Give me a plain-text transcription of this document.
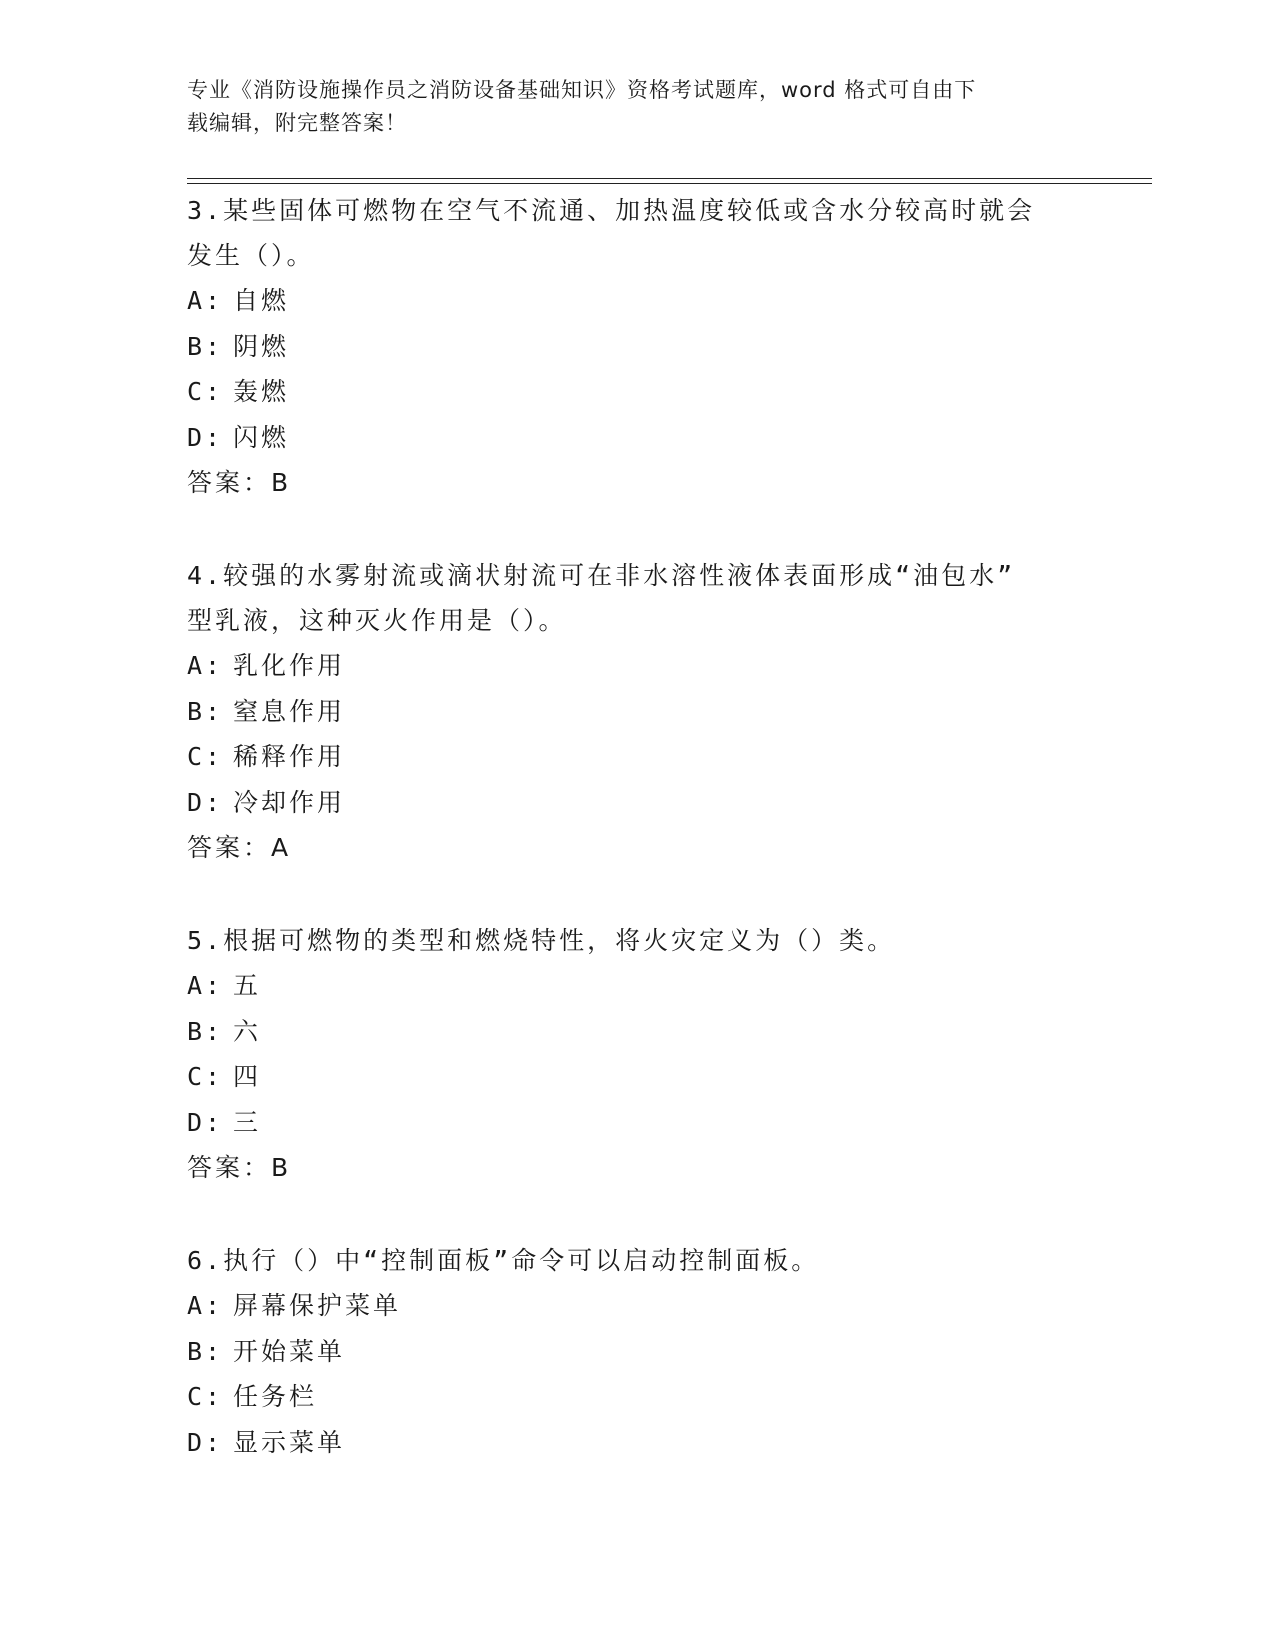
专业《消防设施操作员之消防设备基础知识》资格考试题库，word 格式可自由下
载编辑，附完整答案！

3.某些固体可燃物在空气不流通、加热温度较低或含水分较高时就会

发生（）。

A: 自燃

B: 阴燃

C: 轰燃

D: 闪燃

答案：B

4.较强的水雾射流或滴状射流可在非水溶性液体表面形成“油包水”

型乳液，这种灭火作用是（）。

A: 乳化作用

B: 窒息作用

C: 稀释作用

D: 冷却作用

答案：A

5.根据可燃物的类型和燃烧特性，将火灾定义为（）类。

A: 五

B: 六

C: 四

D: 三

答案：B

6.执行（）中“控制面板”命令可以启动控制面板。

A: 屏幕保护菜单

B: 开始菜单

C: 任务栏

D: 显示菜单
